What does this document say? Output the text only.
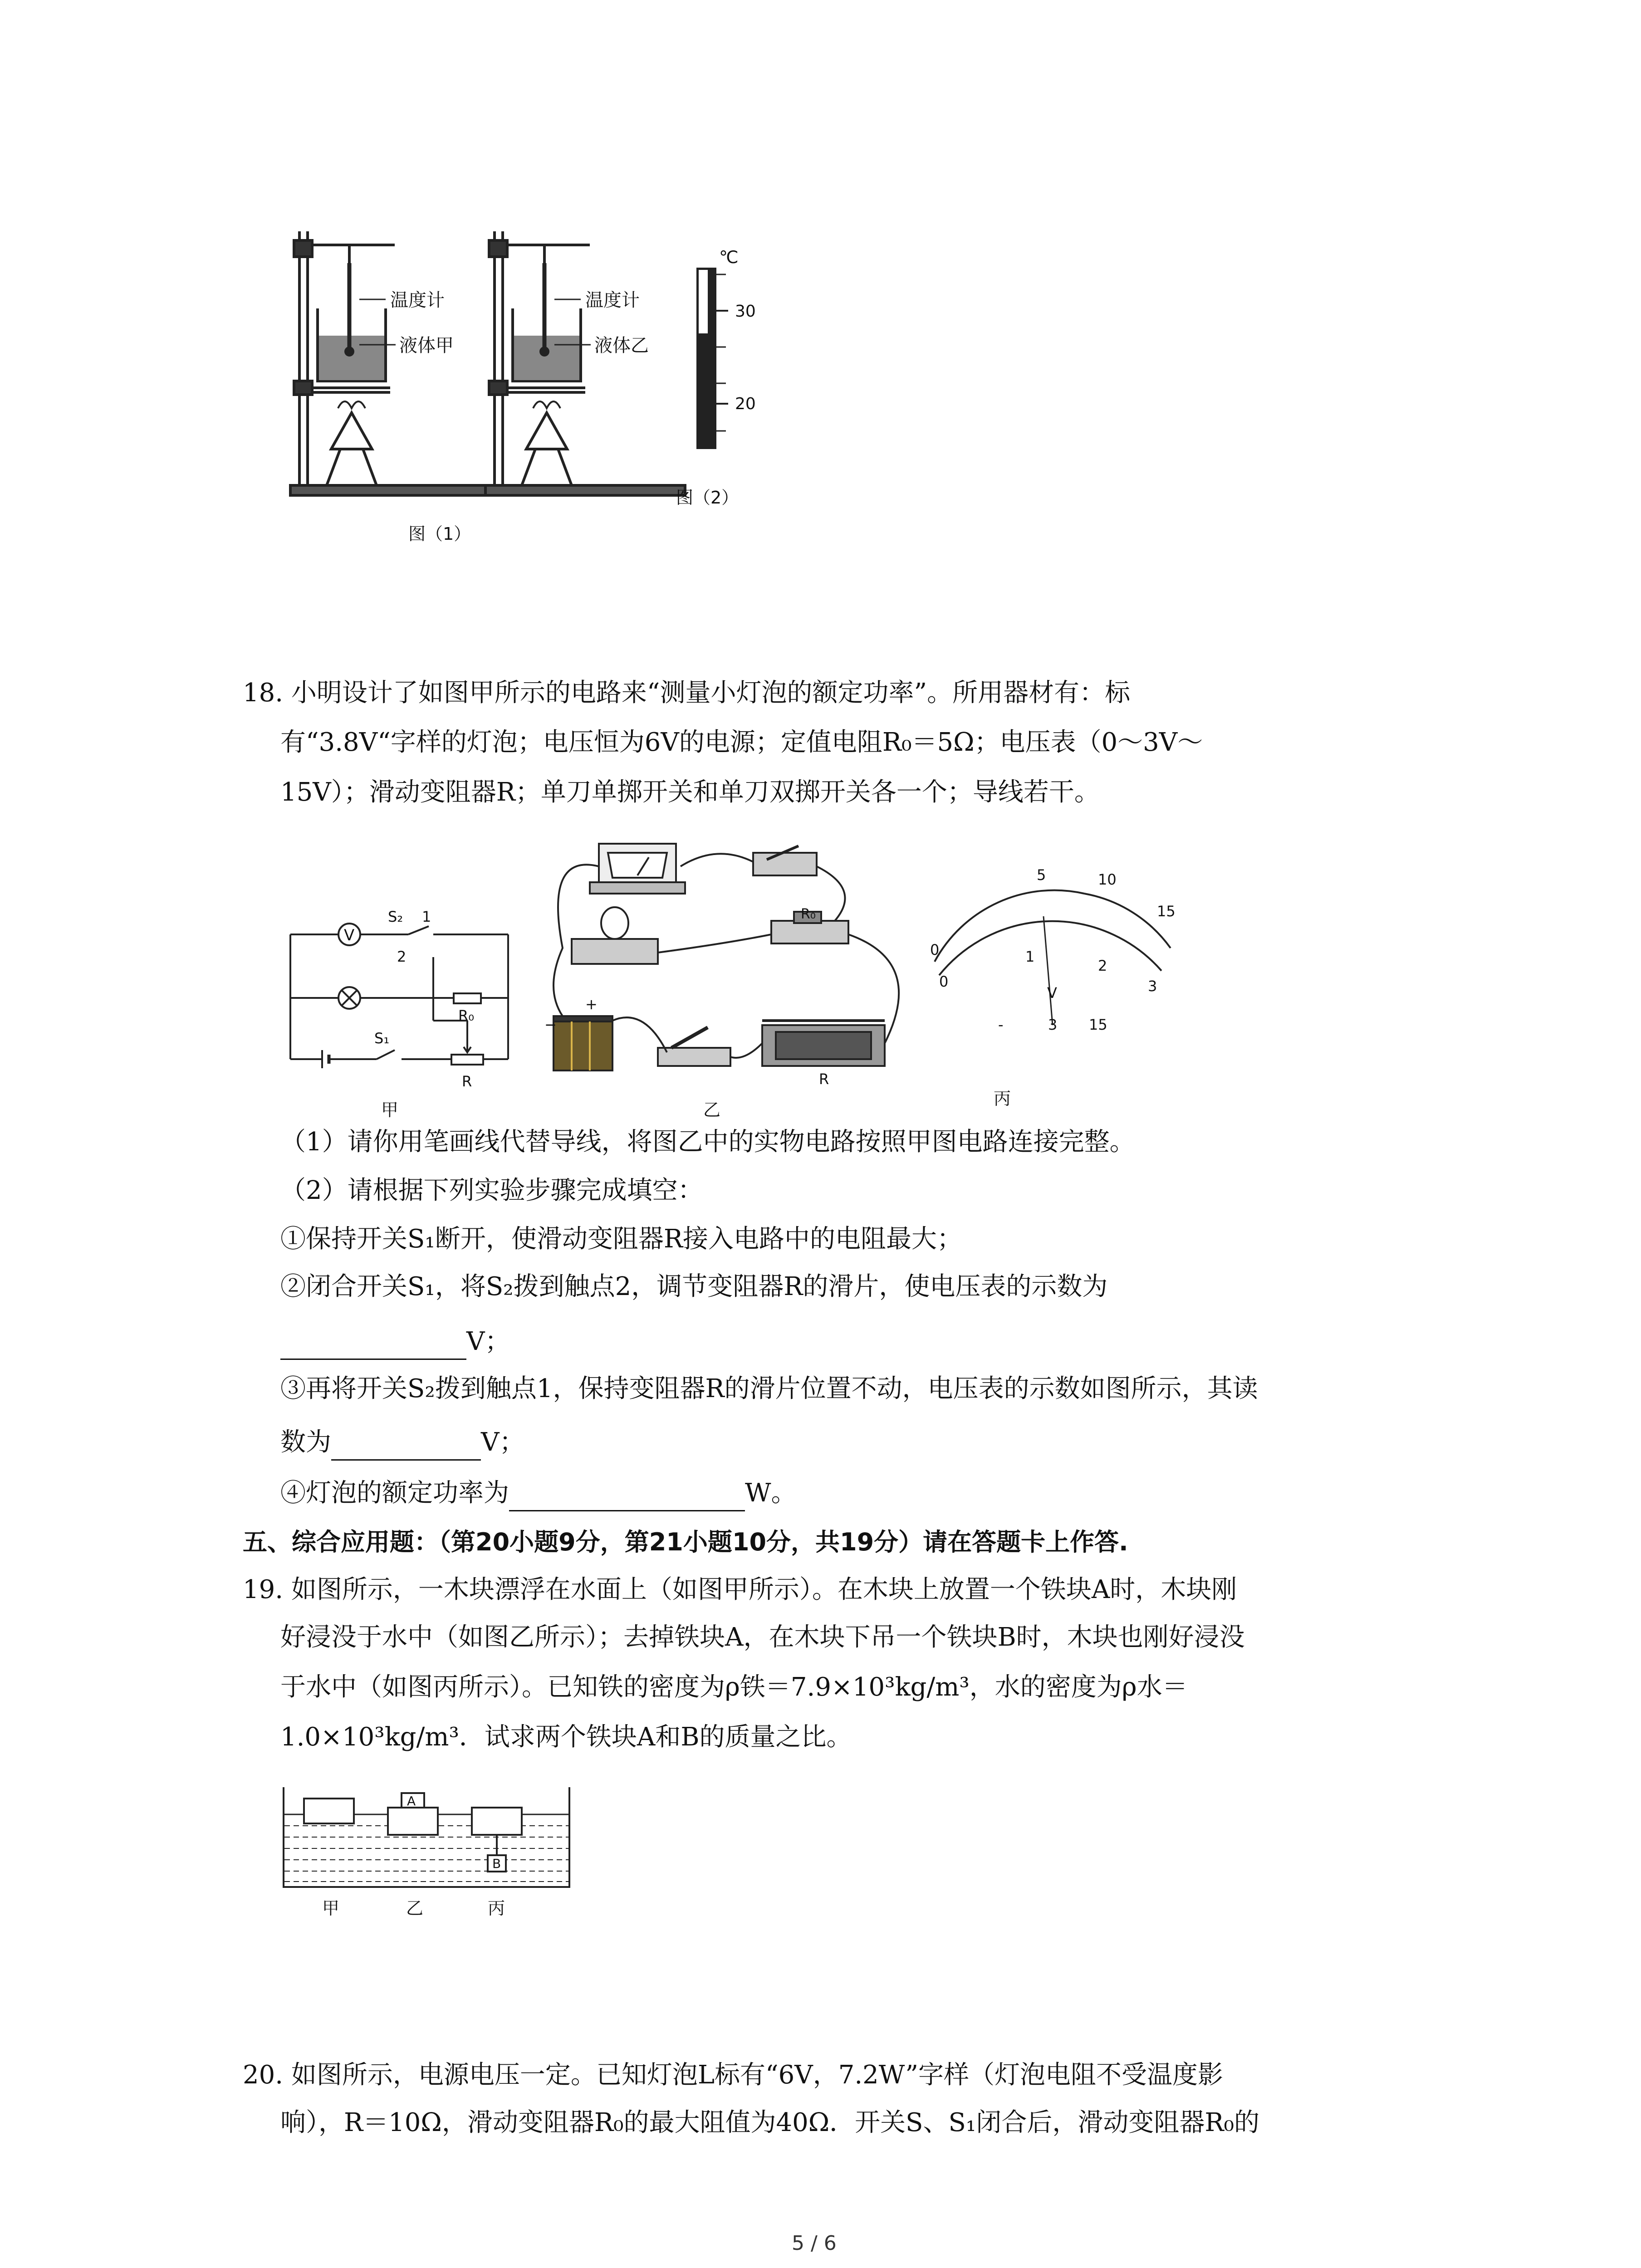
温度计
液体甲
温度计
液体乙
℃
30
20
图（2）
图（1）
18. 小明设计了如图甲所示的电路来“测量小灯泡的额定功率”。所用器材有：标
有“3.8V“字样的灯泡；电压恒为6V的电源；定值电阻R₀＝5Ω；电压表（0～3V～
15V）；滑动变阻器R；单刀单掷开关和单刀双掷开关各一个；导线若干。
V
S₂ 1
2
R₀
S₁
R
甲
R₀
+
−
R
乙
5	10
15
0
0
1
2
3
V
-	3 15
丙
（1）请你用笔画线代替导线，将图乙中的实物电路按照甲图电路连接完整。
（2）请根据下列实验步骤完成填空：
①保持开关S₁断开，使滑动变阻器R接入电路中的电阻最大；
②闭合开关S₁，将S₂拨到触点2，调节变阻器R的滑片，使电压表的示数为
V；
③再将开关S₂拨到触点1，保持变阻器R的滑片位置不动，电压表的示数如图所示，其读
数为	V；
④灯泡的额定功率为	W。
五、综合应用题：（第20小题9分，第21小题10分，共19分）请在答题卡上作答.
19. 如图所示，一木块漂浮在水面上（如图甲所示）。在木块上放置一个铁块A时，木块刚
好浸没于水中（如图乙所示）；去掉铁块A，在木块下吊一个铁块B时，木块也刚好浸没
于水中（如图丙所示）。已知铁的密度为ρ铁＝7.9×10³kg/m³，水的密度为ρ水＝
1.0×10³kg/m³．试求两个铁块A和B的质量之比。
A
B
甲	乙	丙
20. 如图所示，电源电压一定。已知灯泡L标有“6V，7.2W”字样（灯泡电阻不受温度影
响），R＝10Ω，滑动变阻器R₀的最大阻值为40Ω．开关S、S₁闭合后，滑动变阻器R₀的
5 / 6
